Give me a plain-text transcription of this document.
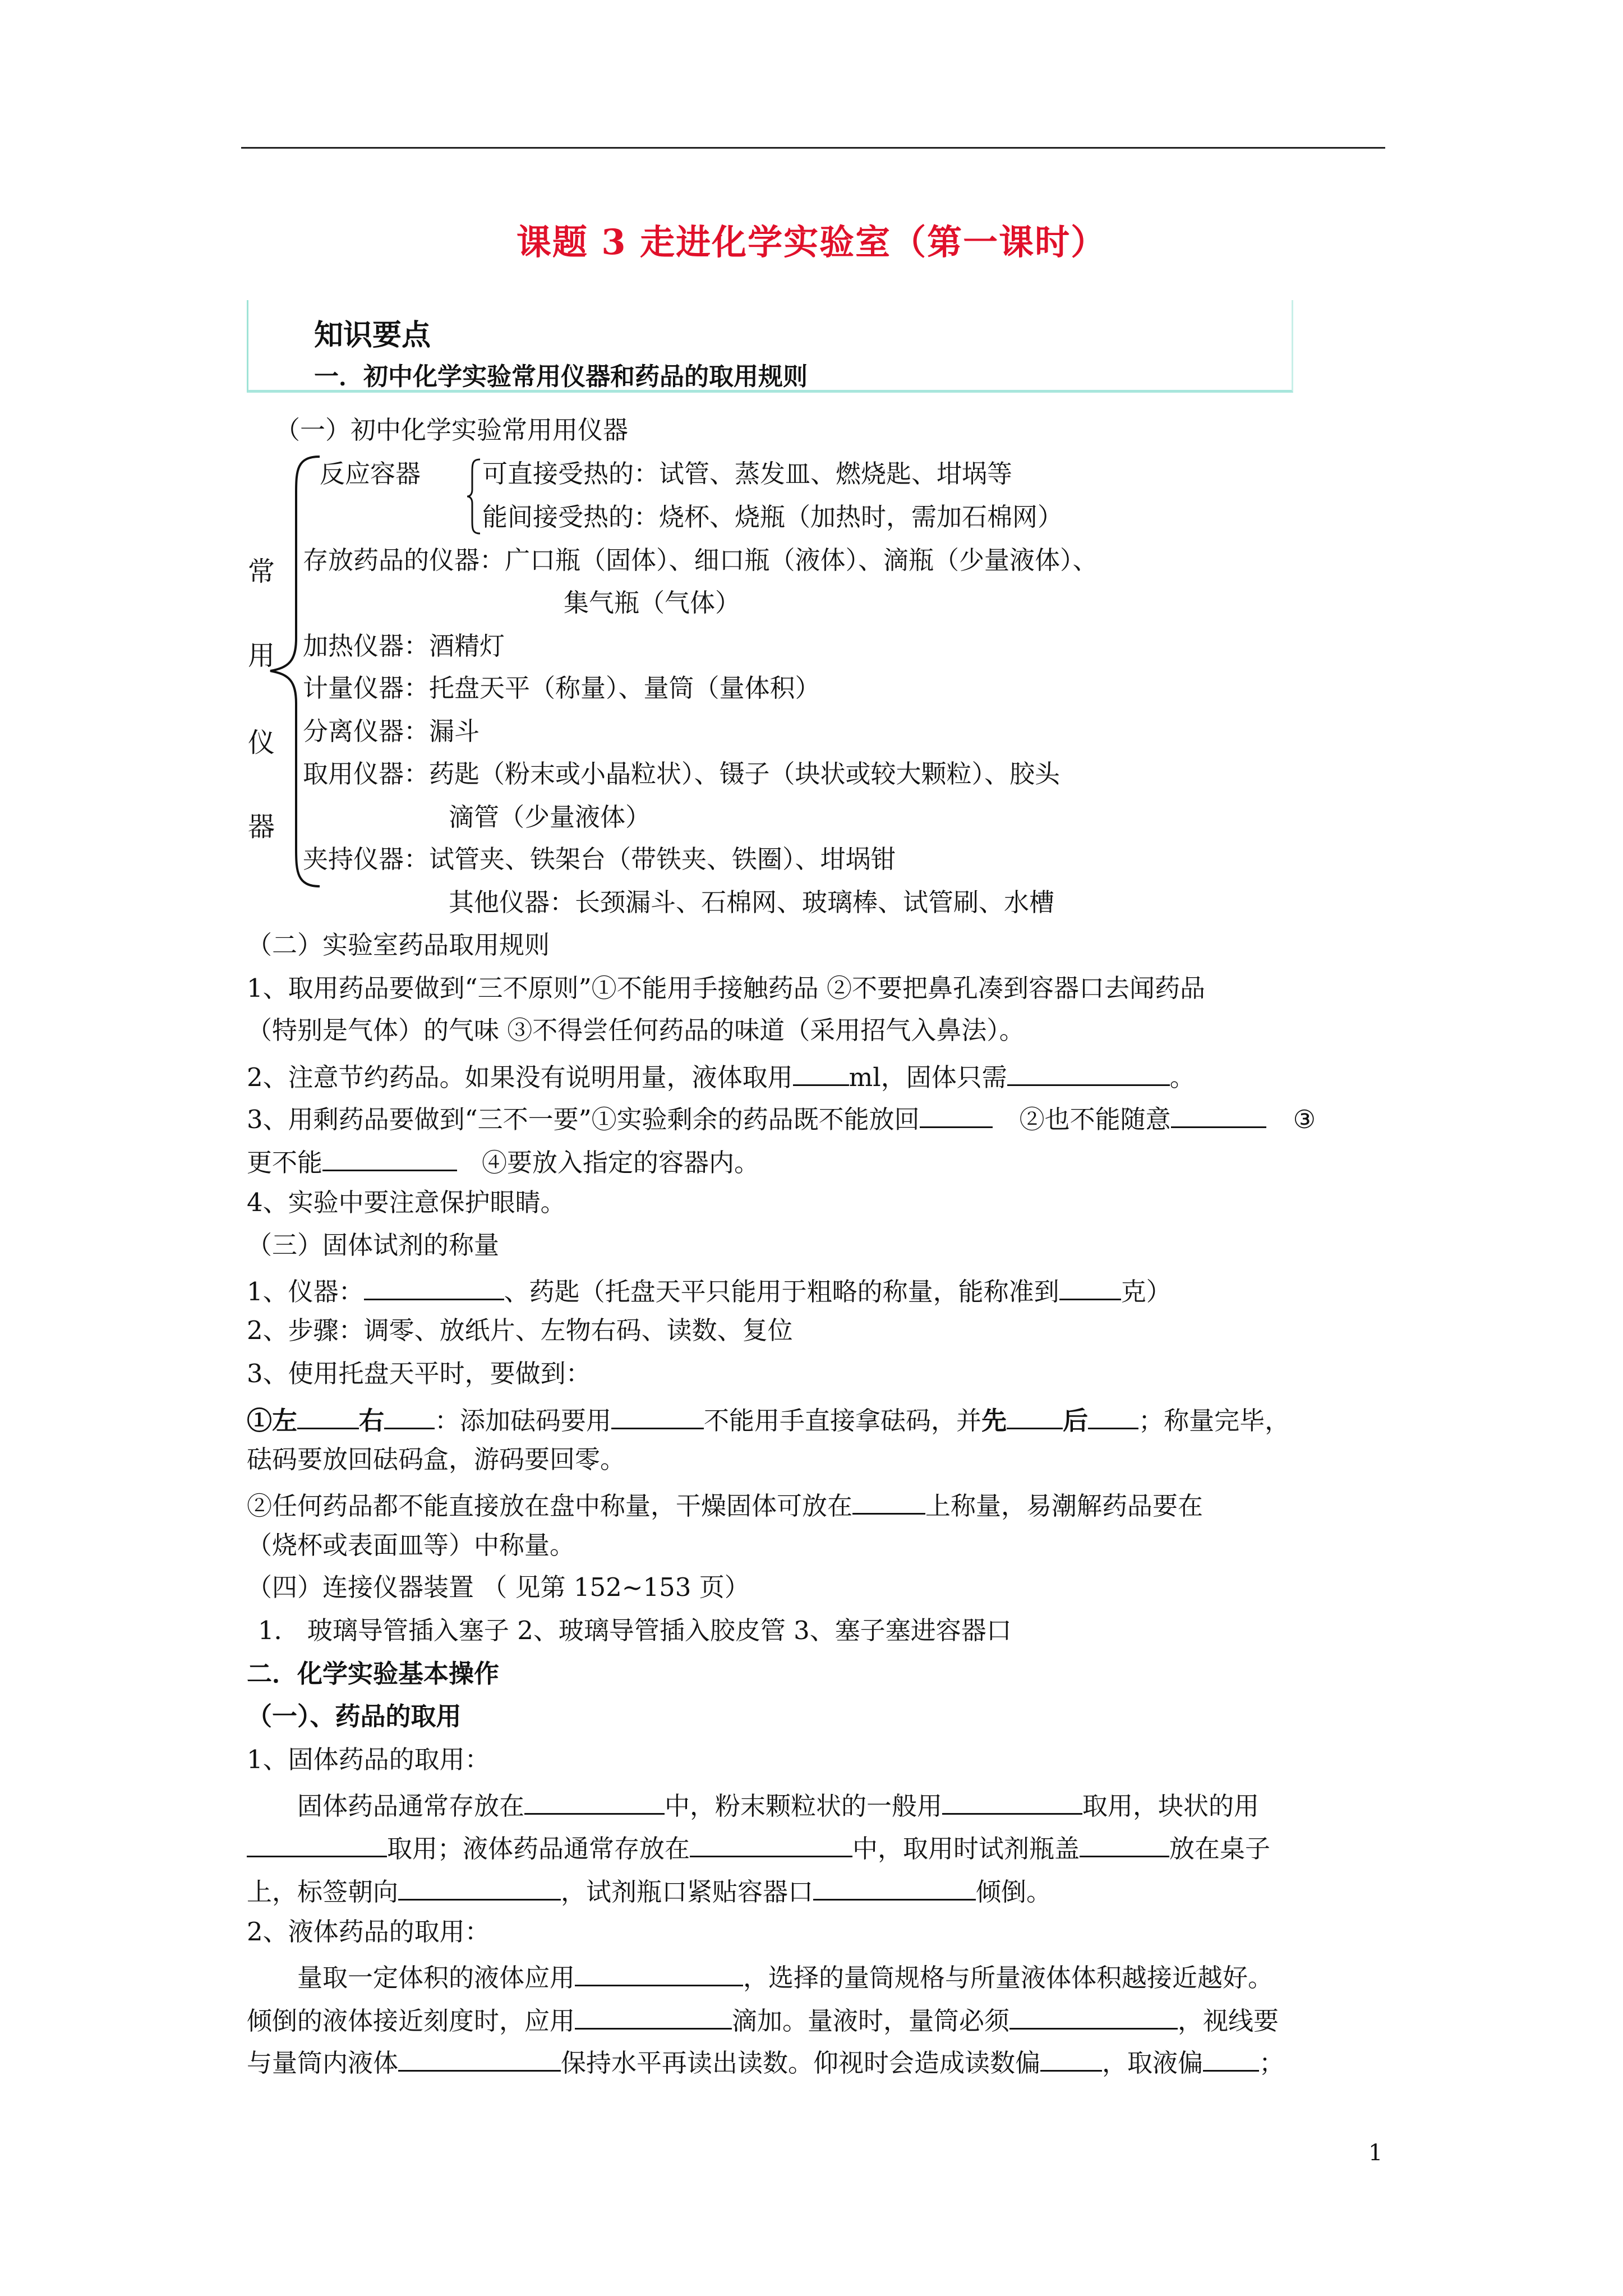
课题 3 走进化学实验室（第一课时）
知识要点
一．初中化学实验常用仪器和药品的取用规则
（一）初中化学实验常用用仪器
常
用
仪
器
反应容器 可直接受热的：试管、蒸发皿、燃烧匙、坩埚等
能间接受热的：烧杯、烧瓶（加热时，需加石棉网）
存放药品的仪器：广口瓶（固体）、细口瓶（液体）、滴瓶（少量液体）、
集气瓶（气体）
加热仪器：酒精灯
计量仪器：托盘天平（称量）、量筒（量体积）
分离仪器：漏斗
取用仪器：药匙（粉末或小晶粒状）、镊子（块状或较大颗粒）、胶头
滴管（少量液体）
夹持仪器：试管夹、铁架台（带铁夹、铁圈）、坩埚钳
其他仪器：长颈漏斗、石棉网、玻璃棒、试管刷、水槽
（二）实验室药品取用规则
1、取用药品要做到“三不原则”①不能用手接触药品 ②不要把鼻孔凑到容器口去闻药品
（特别是气体）的气味 ③不得尝任何药品的味道（采用招气入鼻法）。
2、注意节约药品。如果没有说明用量，液体取用 ml，固体只需	。
3、用剩药品要做到“三不一要”①实验剩余的药品既不能放回	②也不能随意	③
更不能	④要放入指定的容器内。
4、实验中要注意保护眼睛。
（三）固体试剂的称量
1、仪器：	、药匙（托盘天平只能用于粗略的称量，能称准到 克）
2、步骤：调零、放纸片、左物右码、读数、复位
3、使用托盘天平时，要做到：
①左 右 ：添加砝码要用	不能用手直接拿砝码，并先 后 ；称量完毕，
砝码要放回砝码盒，游码要回零。
②任何药品都不能直接放在盘中称量，干燥固体可放在	上称量，易潮解药品要在
（烧杯或表面皿等）中称量。
（四）连接仪器装置 （ 见第 152~153 页）
1． 玻璃导管插入塞子 2、玻璃导管插入胶皮管 3、塞子塞进容器口
二．化学实验基本操作
（一）、药品的取用
1、固体药品的取用：
固体药品通常存放在	中，粉末颗粒状的一般用	取用，块状的用
取用；液体药品通常存放在	中，取用时试剂瓶盖	放在桌子
上，标签朝向	，试剂瓶口紧贴容器口	倾倒。
2、液体药品的取用：
量取一定体积的液体应用	，选择的量筒规格与所量液体体积越接近越好。
倾倒的液体接近刻度时，应用	滴加。量液时，量筒必须	，视线要
与量筒内液体	保持水平再读出读数。仰视时会造成读数偏 ，取液偏 ；
1
